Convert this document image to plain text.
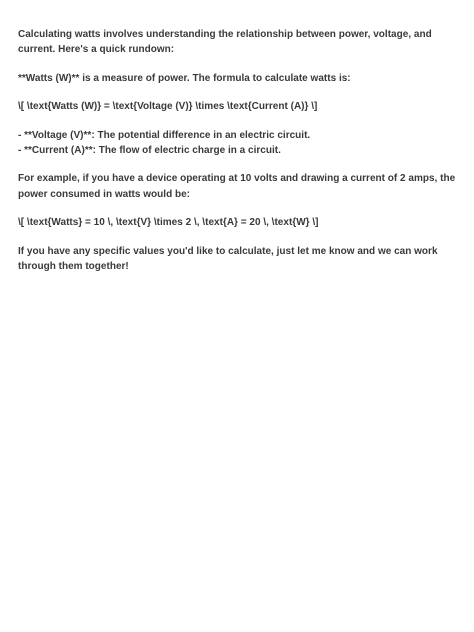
Calculating watts involves understanding the relationship between power, voltage, and current. Here's a quick rundown:

**Watts (W)** is a measure of power. The formula to calculate watts is:

\[ \text{Watts (W)} = \text{Voltage (V)} \times \text{Current (A)} \]

- **Voltage (V)**: The potential difference in an electric circuit.
- **Current (A)**: The flow of electric charge in a circuit.

For example, if you have a device operating at 10 volts and drawing a current of 2 amps, the power consumed in watts would be:

\[ \text{Watts} = 10 \, \text{V} \times 2 \, \text{A} = 20 \, \text{W} \]

If you have any specific values you'd like to calculate, just let me know and we can work through them together!
